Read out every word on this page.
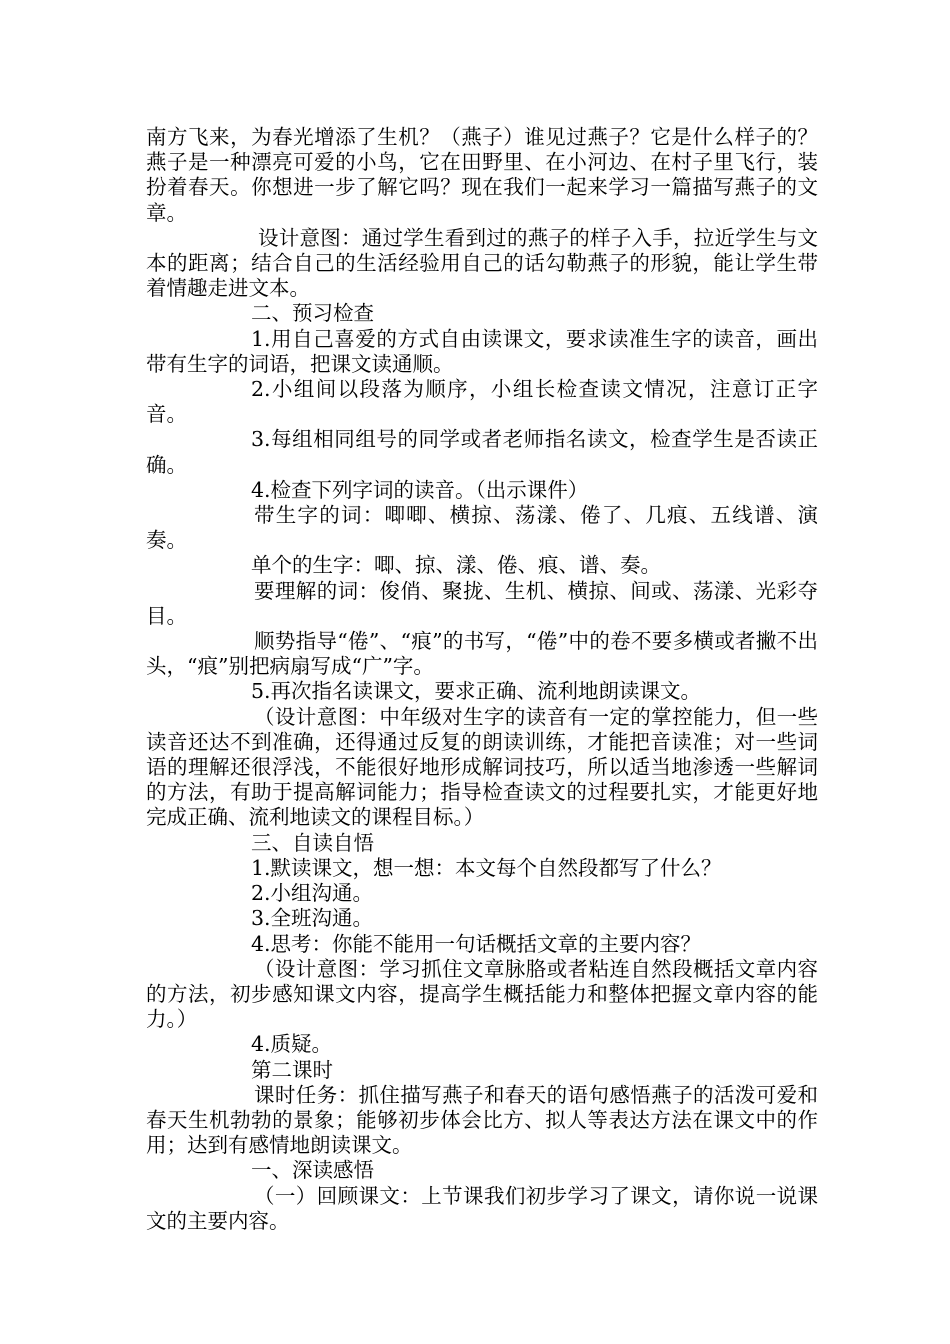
南方飞来，为春光增添了生机？（燕子）谁见过燕子？它是什么样子的？燕子是一种漂亮可爱的小鸟，它在田野里、在小河边、在村子里飞行，装扮着春天。你想进一步了解它吗？现在我们一起来学习一篇描写燕子的文章。

设计意图：通过学生看到过的燕子的样子入手，拉近学生与文本的距离；结合自己的生活经验用自己的话勾勒燕子的形貌，能让学生带着情趣走进文本。

二、预习检查

1.用自己喜爱的方式自由读课文，要求读准生字的读音，画出带有生字的词语，把课文读通顺。

2.小组间以段落为顺序，小组长检查读文情况，注意订正字音。

3.每组相同组号的同学或者老师指名读文，检查学生是否读正确。

4.检查下列字词的读音。（出示课件）

带生字的词：唧唧、横掠、荡漾、倦了、几痕、五线谱、演奏。

单个的生字：唧、掠、漾、倦、痕、谱、奏。

要理解的词：俊俏、聚拢、生机、横掠、间或、荡漾、光彩夺目。

顺势指导“倦”、“痕”的书写，“倦”中的卷不要多横或者撇不出头，“痕”别把病扇写成“广”字。

5.再次指名读课文，要求正确、流利地朗读课文。

（设计意图：中年级对生字的读音有一定的掌控能力，但一些读音还达不到准确，还得通过反复的朗读训练，才能把音读准；对一些词语的理解还很浮浅，不能很好地形成解词技巧，所以适当地渗透一些解词的方法，有助于提高解词能力；指导检查读文的过程要扎实，才能更好地完成正确、流利地读文的课程目标。）

三、自读自悟

1.默读课文，想一想：本文每个自然段都写了什么？

2.小组沟通。

3.全班沟通。

4.思考：你能不能用一句话概括文章的主要内容？

（设计意图：学习抓住文章脉胳或者粘连自然段概括文章内容的方法，初步感知课文内容，提高学生概括能力和整体把握文章内容的能力。）

4.质疑。

第二课时

课时任务：抓住描写燕子和春天的语句感悟燕子的活泼可爱和春天生机勃勃的景象；能够初步体会比方、拟人等表达方法在课文中的作用；达到有感情地朗读课文。

一、深读感悟

（一）回顾课文：上节课我们初步学习了课文，请你说一说课文的主要内容。
